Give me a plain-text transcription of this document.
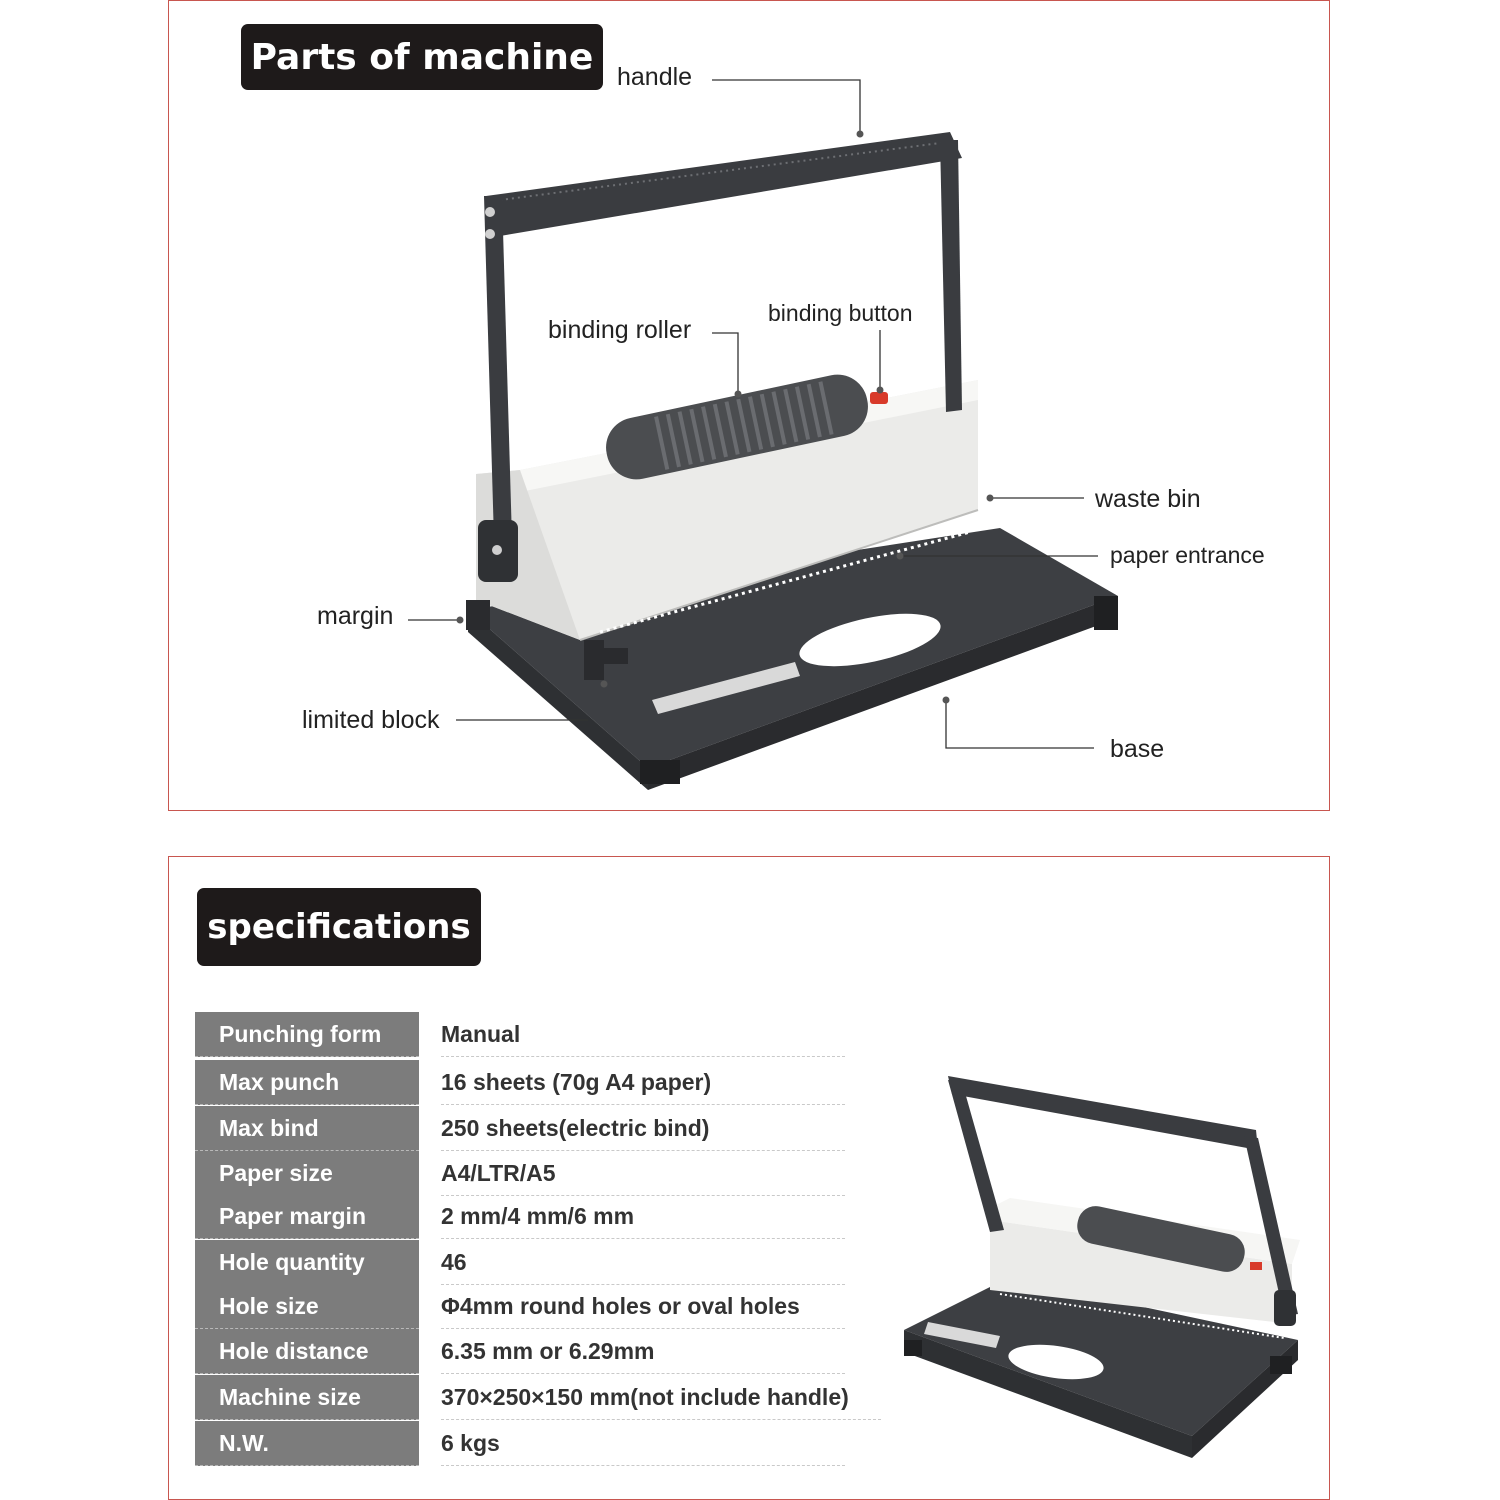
Parts of machine handle
binding roller
binding button
waste bin
paper entrance
margin
limited block
base
specifications
Punching form	Manual
Max punch	16 sheets (70g A4 paper)
Max bind	250 sheets(electric bind)
Paper size	A4/LTR/A5
Paper margin	2 mm/4 mm/6 mm
Hole quantity	46
Hole size	Φ4mm round holes or oval holes
Hole distance	6.35 mm or 6.29mm
Machine size	370×250×150 mm(not include handle)
N.W.	6 kgs
